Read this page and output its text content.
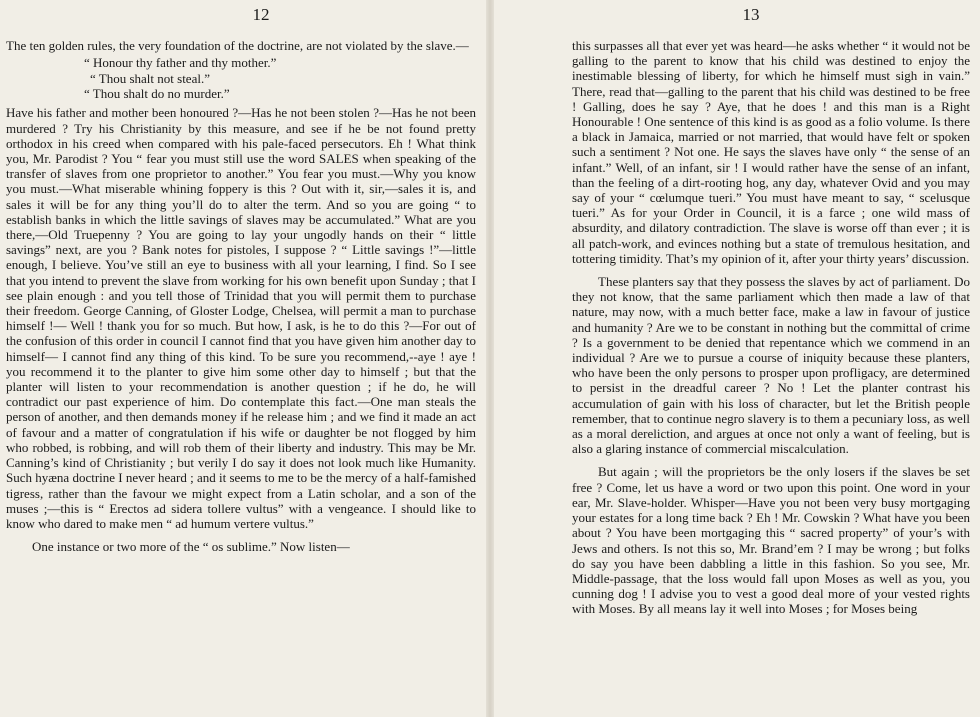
12

The ten golden rules, the very foundation of the doctrine, are not violated by the slave.—

“ Honour thy father and thy mother.”
“ Thou shalt not steal.”
“ Thou shalt do no murder.”

Have his father and mother been honoured ?—Has he not been stolen ?—Has he not been murdered ? Try his Christianity by this measure, and see if he be not found pretty orthodox in his creed when compared with his pale-faced persecutors. Eh ! What think you, Mr. Parodist ? You “ fear you must still use the word SALES when speaking of the transfer of slaves from one proprietor to another.” You fear you must.—Why you know you must.—What miserable whining foppery is this ? Out with it, sir,—sales it is, and sales it will be for any thing you’ll do to alter the term. And so you are going “ to establish banks in which the little savings of slaves may be accumulated.” What are you there,—Old Truepenny ? You are going to lay your ungodly hands on their “ little savings” next, are you ? Bank notes for pistoles, I suppose ? “ Little savings !”—little enough, I believe. You’ve still an eye to business with all your learning, I find. So I see that you intend to prevent the slave from working for his own benefit upon Sunday ; that I see plain enough : and you tell those of Trinidad that you will permit them to purchase their freedom. George Canning, of Gloster Lodge, Chelsea, will permit a man to purchase himself !— Well ! thank you for so much. But how, I ask, is he to do this ?—For out of the confusion of this order in council I cannot find that you have given him another day to himself— I cannot find any thing of this kind. To be sure you recommend,--aye ! aye ! you recommend it to the planter to give him some other day to himself ; but that the planter will listen to your recommendation is another question ; if he do, he will contradict our past experience of him. Do contemplate this fact.—One man steals the person of another, and then demands money if he release him ; and we find it made an act of favour and a matter of congratulation if his wife or daughter be not flogged by him who robbed, is robbing, and will rob them of their liberty and industry. This may be Mr. Canning’s kind of Christianity ; but verily I do say it does not look much like Humanity. Such hyæna doctrine I never heard ; and it seems to me to be the mercy of a half-famished tigress, rather than the favour we might expect from a Latin scholar, and a son of the muses ;—this is “ Erectos ad sidera tollere vultus” with a vengeance. I should like to know who dared to make men “ ad humum vertere vultus.”

One instance or two more of the “ os sublime.” Now listen—

13

this surpasses all that ever yet was heard—he asks whether “ it would not be galling to the parent to know that his child was destined to enjoy the inestimable blessing of liberty, for which he himself must sigh in vain.” There, read that—galling to the parent that his child was destined to be free ! Galling, does he say ? Aye, that he does ! and this man is a Right Honourable ! One sentence of this kind is as good as a folio volume. Is there a black in Jamaica, married or not married, that would have felt or spoken such a sentiment ? Not one. He says the slaves have only “ the sense of an infant.” Well, of an infant, sir ! I would rather have the sense of an infant, than the feeling of a dirt-rooting hog, any day, whatever Ovid and you may say of your “ cœlumque tueri.” You must have meant to say, “ scelusque tueri.” As for your Order in Council, it is a farce ; one wild mass of absurdity, and dilatory contradiction. The slave is worse off than ever ; it is all patch-work, and evinces nothing but a state of tremulous hesitation, and tottering timidity. That’s my opinion of it, after your thirty years’ discussion.

These planters say that they possess the slaves by act of parliament. Do they not know, that the same parliament which then made a law of that nature, may now, with a much better face, make a law in favour of justice and humanity ? Are we to be constant in nothing but the committal of crime ? Is a government to be denied that repentance which we commend in an individual ? Are we to pursue a course of iniquity because these planters, who have been the only persons to prosper upon profligacy, are determined to persist in the dreadful career ? No ! Let the planter contrast his accumulation of gain with his loss of character, but let the British people remember, that to continue negro slavery is to them a pecuniary loss, as well as a moral dereliction, and argues at once not only a want of feeling, but is also a glaring instance of commercial miscalculation.

But again ; will the proprietors be the only losers if the slaves be set free ? Come, let us have a word or two upon this point. One word in your ear, Mr. Slave-holder. Whisper—Have you not been very busy mortgaging your estates for a long time back ? Eh ! Mr. Cowskin ? What have you been about ? You have been mortgaging this “ sacred property” of your’s with Jews and others. Is not this so, Mr. Brand’em ? I may be wrong ; but folks do say you have been dabbling a little in this fashion. So you see, Mr. Middle-passage, that the loss would fall upon Moses as well as you, you cunning dog ! I advise you to vest a good deal more of your vested rights with Moses. By all means lay it well into Moses ; for Moses being
